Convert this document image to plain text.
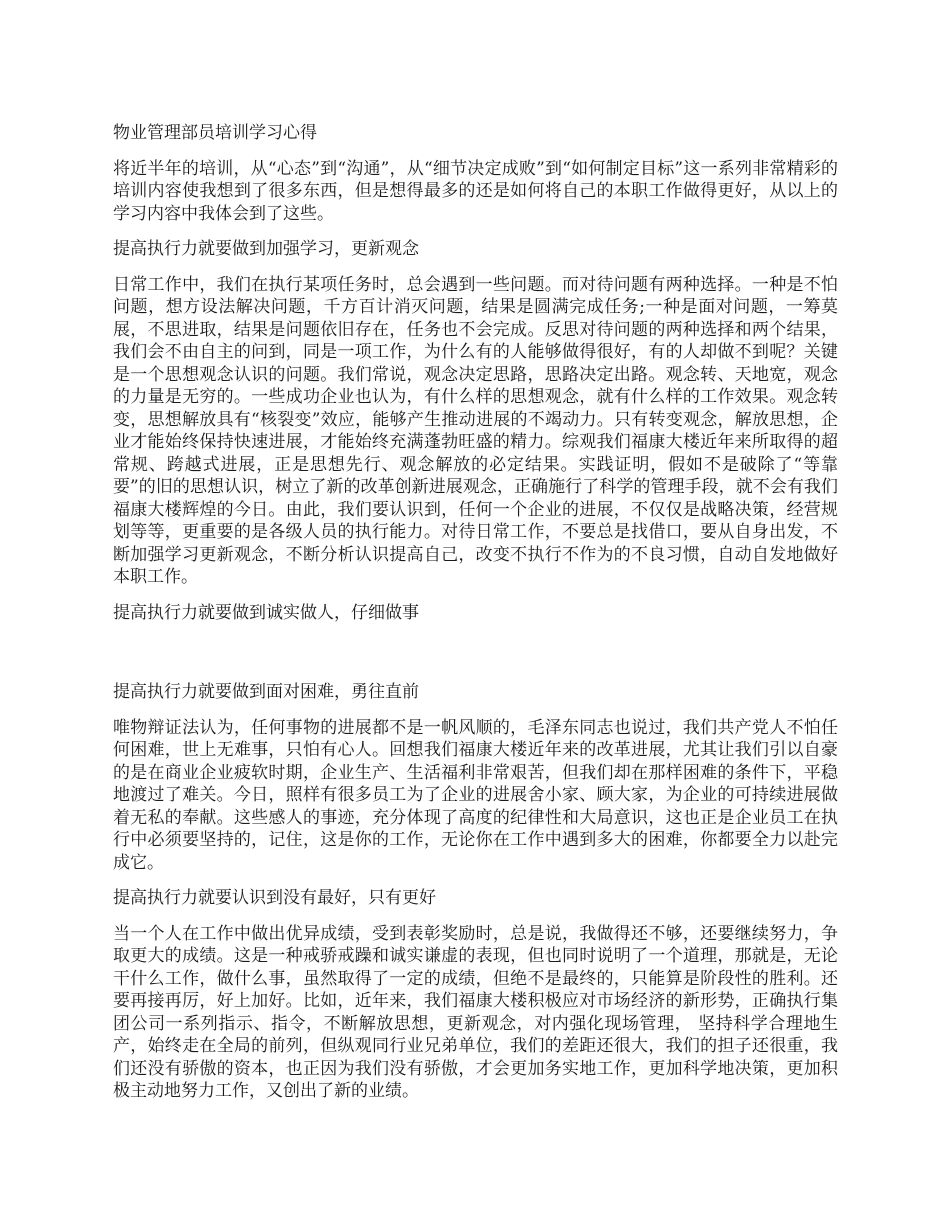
物业管理部员培训学习心得

将近半年的培训，从“心态”到“沟通”，从“细节决定成败”到“如何制定目标”这一系列非常精彩的培训内容使我想到了很多东西，但是想得最多的还是如何将自己的本职工作做得更好，从以上的学习内容中我体会到了这些。

提高执行力就要做到加强学习，更新观念

日常工作中，我们在执行某项任务时，总会遇到一些问题。而对待问题有两种选择。一种是不怕问题，想方设法解决问题，千方百计消灭问题，结果是圆满完成任务;一种是面对问题，一筹莫展，不思进取，结果是问题依旧存在，任务也不会完成。反思对待问题的两种选择和两个结果，我们会不由自主的问到，同是一项工作，为什么有的人能够做得很好，有的人却做不到呢？关键是一个思想观念认识的问题。我们常说，观念决定思路，思路决定出路。观念转、天地宽，观念的力量是无穷的。一些成功企业也认为，有什么样的思想观念，就有什么样的工作效果。观念转变，思想解放具有“核裂变”效应，能够产生推动进展的不竭动力。只有转变观念，解放思想，企业才能始终保持快速进展，才能始终充满蓬勃旺盛的精力。综观我们福康大楼近年来所取得的超常规、跨越式进展，正是思想先行、观念解放的必定结果。实践证明，假如不是破除了“等靠要”的旧的思想认识，树立了新的改革创新进展观念，正确施行了科学的管理手段，就不会有我们福康大楼辉煌的今日。由此，我们要认识到，任何一个企业的进展，不仅仅是战略决策，经营规划等等，更重要的是各级人员的执行能力。对待日常工作，不要总是找借口，要从自身出发，不断加强学习更新观念，不断分析认识提高自己，改变不执行不作为的不良习惯，自动自发地做好本职工作。

提高执行力就要做到诚实做人，仔细做事

提高执行力就要做到面对困难，勇往直前

唯物辩证法认为，任何事物的进展都不是一帆风顺的，毛泽东同志也说过，我们共产党人不怕任何困难，世上无难事，只怕有心人。回想我们福康大楼近年来的改革进展，尤其让我们引以自豪的是在商业企业疲软时期，企业生产、生活福利非常艰苦，但我们却在那样困难的条件下，平稳地渡过了难关。今日，照样有很多员工为了企业的进展舍小家、顾大家，为企业的可持续进展做着无私的奉献。这些感人的事迹，充分体现了高度的纪律性和大局意识，这也正是企业员工在执行中必须要坚持的，记住，这是你的工作，无论你在工作中遇到多大的困难，你都要全力以赴完成它。

提高执行力就要认识到没有最好，只有更好

当一个人在工作中做出优异成绩，受到表彰奖励时，总是说，我做得还不够，还要继续努力，争取更大的成绩。这是一种戒骄戒躁和诚实谦虚的表现，但也同时说明了一个道理，那就是，无论干什么工作，做什么事，虽然取得了一定的成绩，但绝不是最终的，只能算是阶段性的胜利。还要再接再厉，好上加好。比如，近年来，我们福康大楼积极应对市场经济的新形势，正确执行集团公司一系列指示、指令，不断解放思想，更新观念，对内强化现场管理， 坚持科学合理地生产，始终走在全局的前列，但纵观同行业兄弟单位，我们的差距还很大，我们的担子还很重，我们还没有骄傲的资本，也正因为我们没有骄傲，才会更加务实地工作，更加科学地决策，更加积极主动地努力工作，又创出了新的业绩。
